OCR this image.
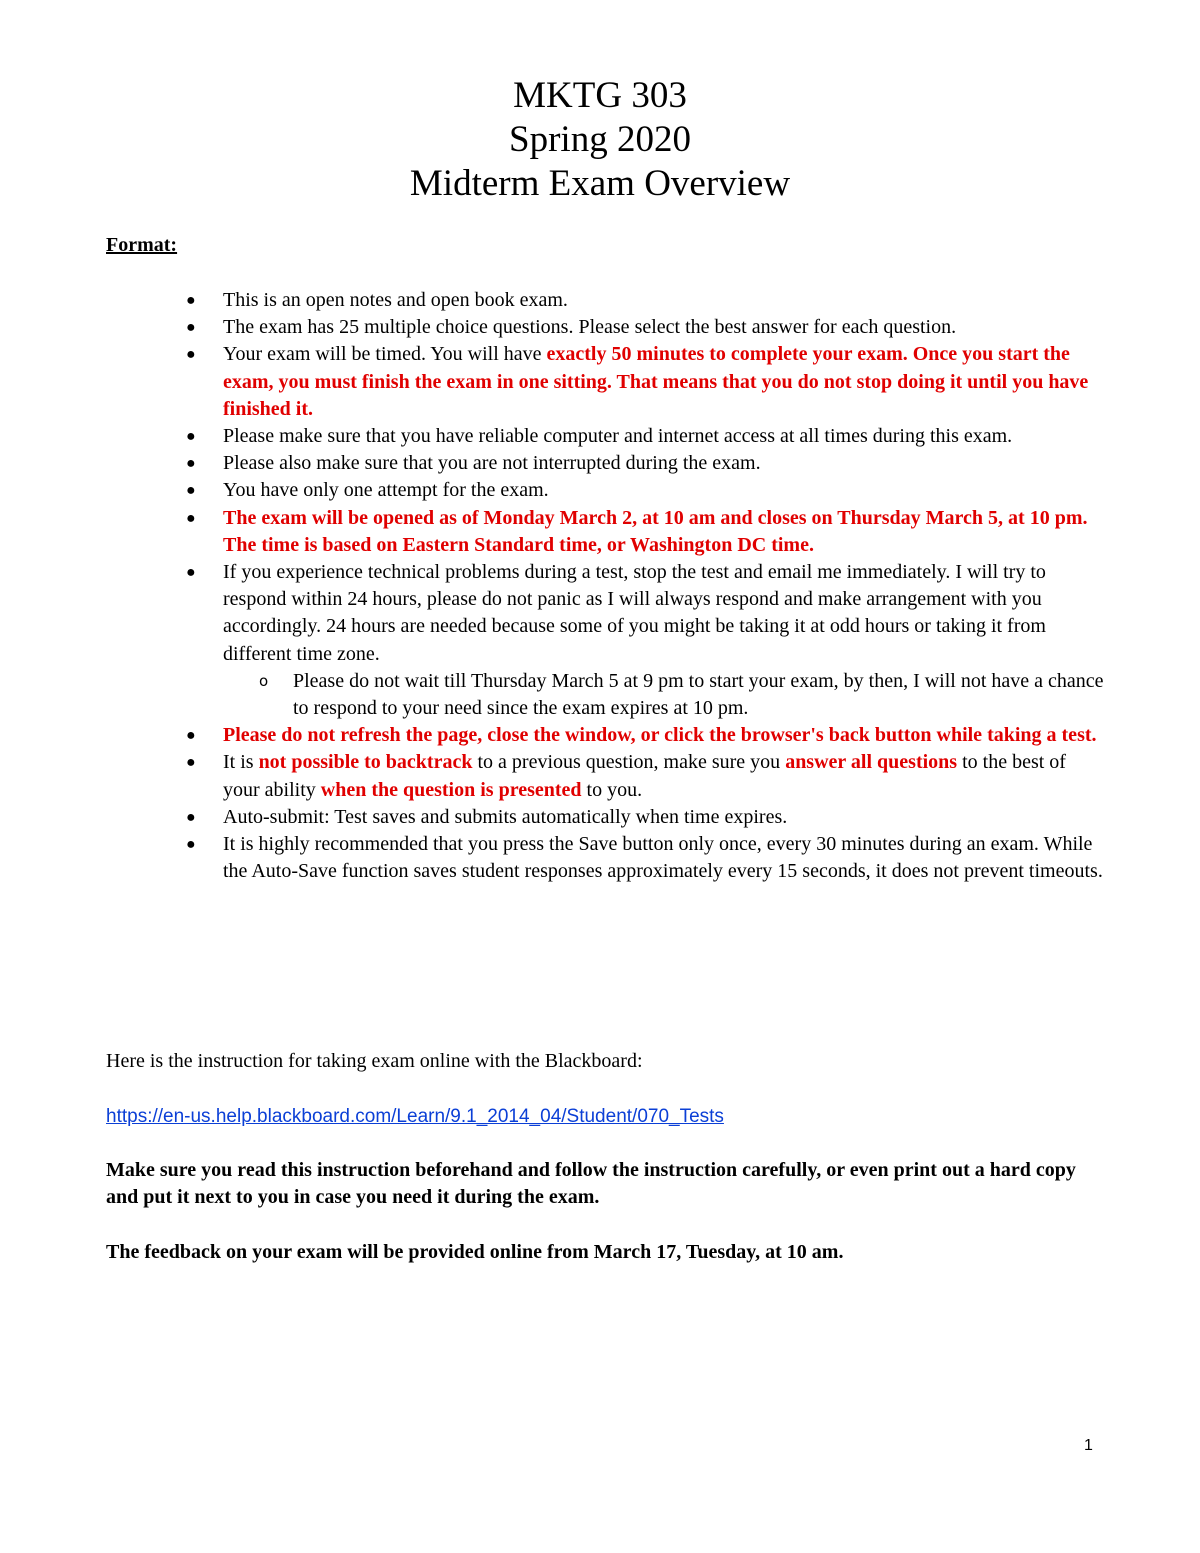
MKTG 303
Spring 2020
Midterm Exam Overview
Format:
● This is an open notes and open book exam.
● The exam has 25 multiple choice questions. Please select the best answer for each question.
● Your exam will be timed. You will have exactly 50 minutes to complete your exam. Once you start the exam, you must finish the exam in one sitting. That means that you do not stop doing it until you have finished it.
● Please make sure that you have reliable computer and internet access at all times during this exam.
● Please also make sure that you are not interrupted during the exam.
● You have only one attempt for the exam.
● The exam will be opened as of Monday March 2, at 10 am and closes on Thursday March 5, at 10 pm. The time is based on Eastern Standard time, or Washington DC time.
● If you experience technical problems during a test, stop the test and email me immediately. I will try to respond within 24 hours, please do not panic as I will always respond and make arrangement with you accordingly. 24 hours are needed because some of you might be taking it at odd hours or taking it from different time zone.
o Please do not wait till Thursday March 5 at 9 pm to start your exam, by then, I will not have a chance to respond to your need since the exam expires at 10 pm.
● Please do not refresh the page, close the window, or click the browser's back button while taking a test.
● It is not possible to backtrack to a previous question, make sure you answer all questions to the best of your ability when the question is presented to you.
● Auto-submit: Test saves and submits automatically when time expires.
● It is highly recommended that you press the Save button only once, every 30 minutes during an exam. While the Auto-Save function saves student responses approximately every 15 seconds, it does not prevent timeouts.
Here is the instruction for taking exam online with the Blackboard:
https://en-us.help.blackboard.com/Learn/9.1_2014_04/Student/070_Tests
Make sure you read this instruction beforehand and follow the instruction carefully, or even print out a hard copy and put it next to you in case you need it during the exam.
The feedback on your exam will be provided online from March 17, Tuesday, at 10 am.
1
